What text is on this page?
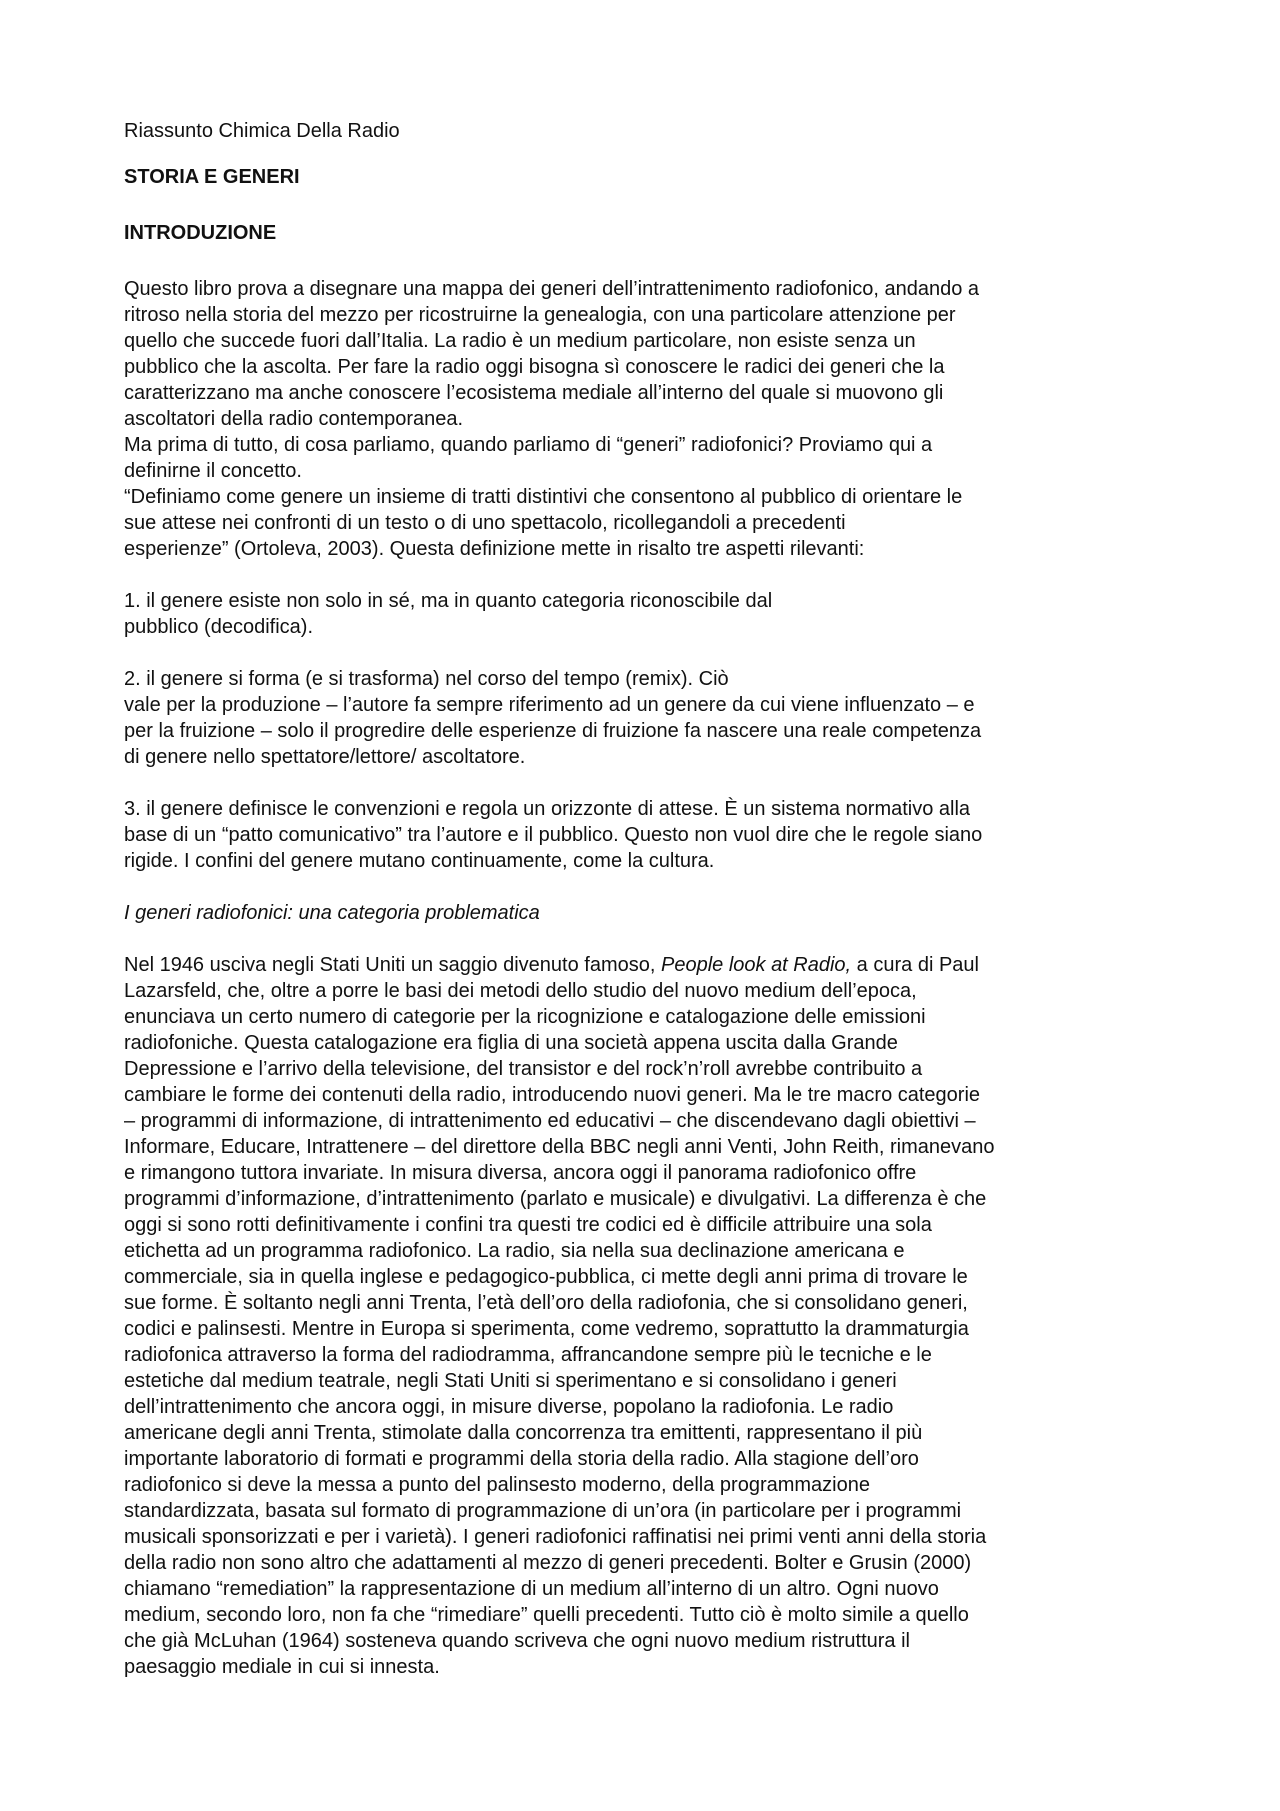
Riassunto Chimica Della Radio

STORIA E GENERI

INTRODUZIONE

Questo libro prova a disegnare una mappa dei generi dell’intrattenimento radiofonico, andando a
ritroso nella storia del mezzo per ricostruirne la genealogia, con una particolare attenzione per
quello che succede fuori dall’Italia. La radio è un medium particolare, non esiste senza un
pubblico che la ascolta. Per fare la radio oggi bisogna sì conoscere le radici dei generi che la
caratterizzano ma anche conoscere l’ecosistema mediale all’interno del quale si muovono gli
ascoltatori della radio contemporanea.
Ma prima di tutto, di cosa parliamo, quando parliamo di “generi” radiofonici? Proviamo qui a
definirne il concetto.
“Definiamo come genere un insieme di tratti distintivi che consentono al pubblico di orientare le
sue attese nei confronti di un testo o di uno spettacolo, ricollegandoli a precedenti
esperienze” (Ortoleva, 2003). Questa definizione mette in risalto tre aspetti rilevanti:

1. il genere esiste non solo in sé, ma in quanto categoria riconoscibile dal
pubblico (decodifica).

2. il genere si forma (e si trasforma) nel corso del tempo (remix). Ciò
vale per la produzione – l’autore fa sempre riferimento ad un genere da cui viene influenzato – e
per la fruizione – solo il progredire delle esperienze di fruizione fa nascere una reale competenza
di genere nello spettatore/lettore/ ascoltatore.

3. il genere definisce le convenzioni e regola un orizzonte di attese. È un sistema normativo alla
base di un “patto comunicativo” tra l’autore e il pubblico. Questo non vuol dire che le regole siano
rigide. I confini del genere mutano continuamente, come la cultura.

I generi radiofonici: una categoria problematica

Nel 1946 usciva negli Stati Uniti un saggio divenuto famoso, People look at Radio, a cura di Paul
Lazarsfeld, che, oltre a porre le basi dei metodi dello studio del nuovo medium dell’epoca,
enunciava un certo numero di categorie per la ricognizione e catalogazione delle emissioni
radiofoniche. Questa catalogazione era figlia di una società appena uscita dalla Grande
Depressione e l’arrivo della televisione, del transistor e del rock’n’roll avrebbe contribuito a
cambiare le forme dei contenuti della radio, introducendo nuovi generi. Ma le tre macro categorie
– programmi di informazione, di intrattenimento ed educativi – che discendevano dagli obiettivi –
Informare, Educare, Intrattenere – del direttore della BBC negli anni Venti, John Reith, rimanevano
e rimangono tuttora invariate. In misura diversa, ancora oggi il panorama radiofonico offre
programmi d’informazione, d’intrattenimento (parlato e musicale) e divulgativi. La differenza è che
oggi si sono rotti definitivamente i confini tra questi tre codici ed è difficile attribuire una sola
etichetta ad un programma radiofonico. La radio, sia nella sua declinazione americana e
commerciale, sia in quella inglese e pedagogico-pubblica, ci mette degli anni prima di trovare le
sue forme. È soltanto negli anni Trenta, l’età dell’oro della radiofonia, che si consolidano generi,
codici e palinsesti. Mentre in Europa si sperimenta, come vedremo, soprattutto la drammaturgia
radiofonica attraverso la forma del radiodramma, affrancandone sempre più le tecniche e le
estetiche dal medium teatrale, negli Stati Uniti si sperimentano e si consolidano i generi
dell’intrattenimento che ancora oggi, in misure diverse, popolano la radiofonia. Le radio
americane degli anni Trenta, stimolate dalla concorrenza tra emittenti, rappresentano il più
importante laboratorio di formati e programmi della storia della radio. Alla stagione dell’oro
radiofonico si deve la messa a punto del palinsesto moderno, della programmazione
standardizzata, basata sul formato di programmazione di un’ora (in particolare per i programmi
musicali sponsorizzati e per i varietà). I generi radiofonici raffinatisi nei primi venti anni della storia
della radio non sono altro che adattamenti al mezzo di generi precedenti. Bolter e Grusin (2000)
chiamano “remediation” la rappresentazione di un medium all’interno di un altro. Ogni nuovo
medium, secondo loro, non fa che “rimediare” quelli precedenti. Tutto ciò è molto simile a quello
che già McLuhan (1964) sosteneva quando scriveva che ogni nuovo medium ristruttura il
paesaggio mediale in cui si innesta.
